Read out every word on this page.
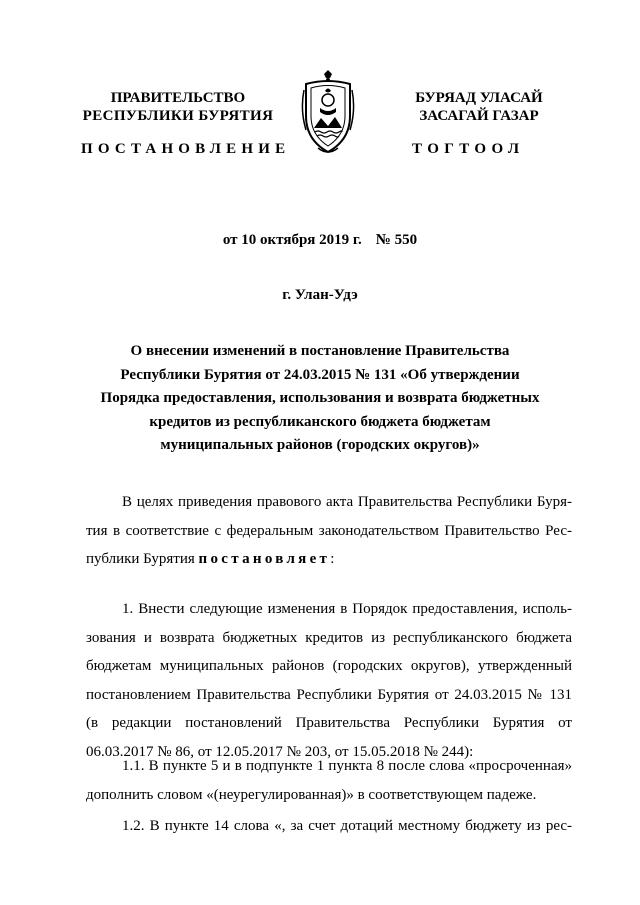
ПРАВИТЕЛЬСТВО
РЕСПУБЛИКИ БУРЯТИЯ
БУРЯАД УЛАСАЙ
ЗАСАГАЙ ГАЗАР
ПОСТАНОВЛЕНИЕ	ТОГТООЛ
от 10 октября 2019 г. № 550
г. Улан-Удэ
О внесении изменений в постановление Правительства
Республики Бурятия от 24.03.2015 № 131 «Об утверждении
Порядка предоставления, использования и возврата бюджетных
кредитов из республиканского бюджета бюджетам
муниципальных районов (городских округов)»
В целях приведения правового акта Правительства Республики Буря-
тия в соответствие с федеральным законодательством Правительство Рес-
публики Бурятия постановляет:
1. Внести следующие изменения в Порядок предоставления, исполь-
зования и возврата бюджетных кредитов из республиканского бюджета
бюджетам муниципальных районов (городских округов), утвержденный
постановлением Правительства Республики Бурятия от 24.03.2015 № 131
(в редакции постановлений Правительства Республики Бурятия от
06.03.2017 № 86, от 12.05.2017 № 203, от 15.05.2018 № 244):
1.1. В пункте 5 и в подпункте 1 пункта 8 после слова «просроченная»
дополнить словом «(неурегулированная)» в соответствующем падеже.
1.2. В пункте 14 слова «, за счет дотаций местному бюджету из рес-
